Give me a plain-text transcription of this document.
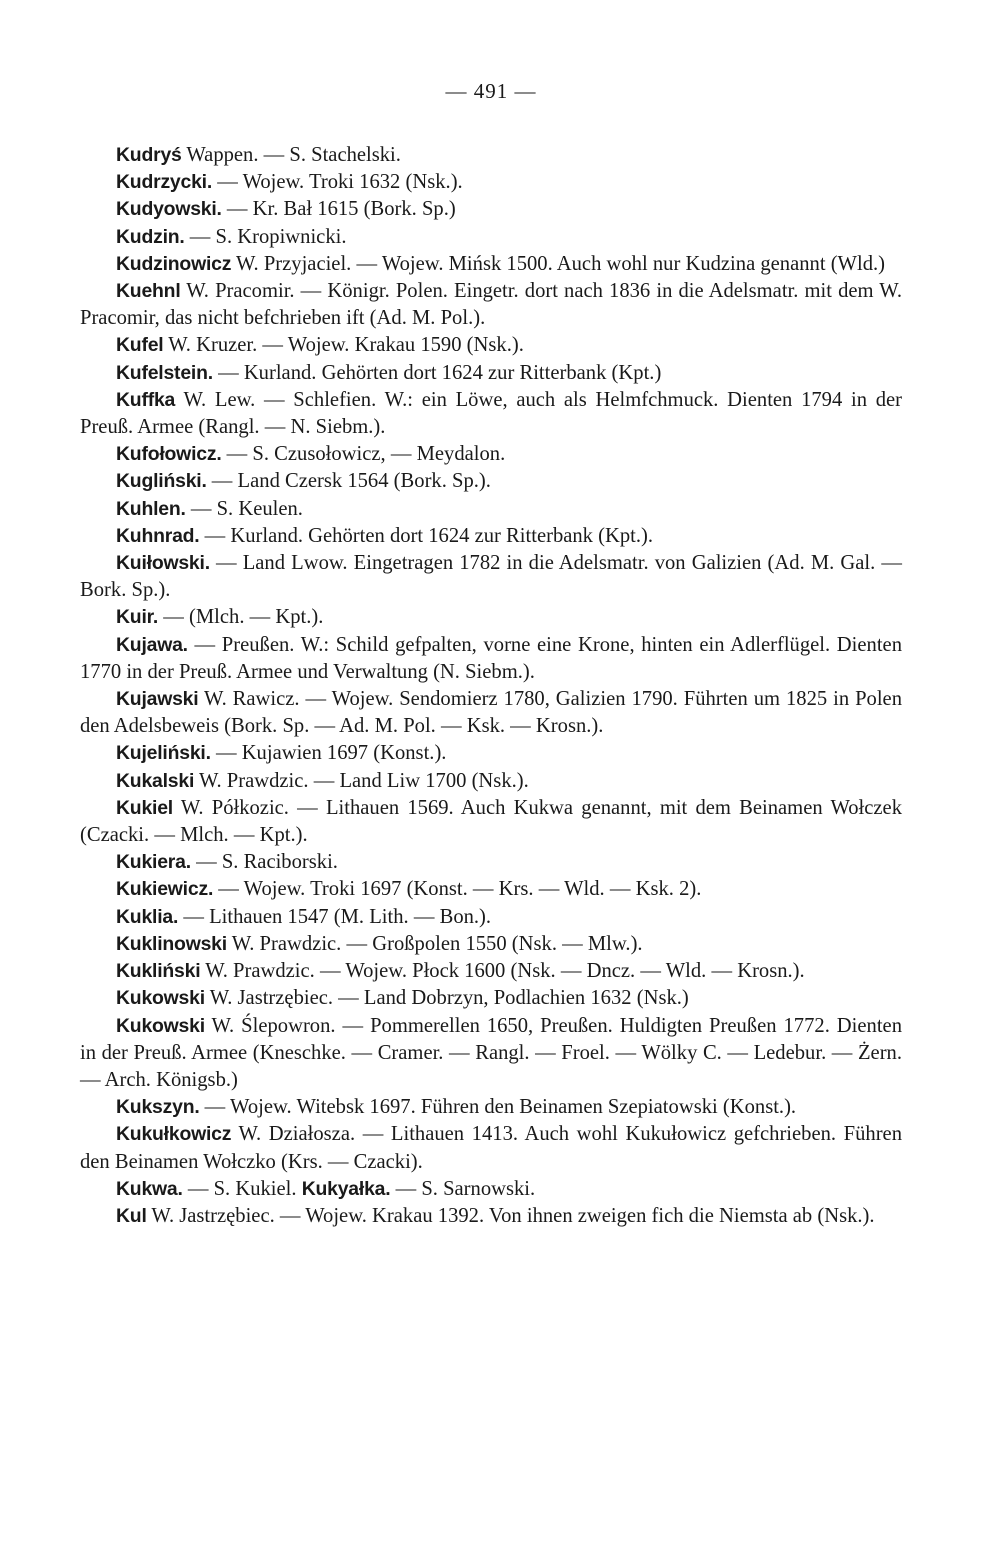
— 491 —

Kudryś Wappen. — S. Stachelski.

Kudrzycki. — Wojew. Troki 1632 (Nsk.).

Kudyowski. — Kr. Bał 1615 (Bork. Sp.)

Kudzin. — S. Kropiwnicki.

Kudzinowicz W. Przyjaciel. — Wojew. Mińsk 1500. Auch wohl nur Kudzina genannt (Wld.)

Kuehnl W. Pracomir. — Königr. Polen. Eingetr. dort nach 1836 in die Adelsmatr. mit dem W. Pracomir, das nicht befchrieben ift (Ad. M. Pol.).

Kufel W. Kruzer. — Wojew. Krakau 1590 (Nsk.).

Kufelstein. — Kurland. Gehörten dort 1624 zur Ritterbank (Kpt.)

Kuffka W. Lew. — Schlefien. W.: ein Löwe, auch als Helmfchmuck. Dienten 1794 in der Preuß. Armee (Rangl. — N. Siebm.).

Kufołowicz. — S. Czusołowicz, — Meydalon.

Kugliński. — Land Czersk 1564 (Bork. Sp.).

Kuhlen. — S. Keulen.

Kuhnrad. — Kurland. Gehörten dort 1624 zur Ritterbank (Kpt.).

Kuiłowski. — Land Lwow. Eingetragen 1782 in die Adelsmatr. von Galizien (Ad. M. Gal. — Bork. Sp.).

Kuir. — (Mlch. — Kpt.).

Kujawa. — Preußen. W.: Schild gefpalten, vorne eine Krone, hinten ein Adlerflügel. Dienten 1770 in der Preuß. Armee und Verwaltung (N. Siebm.).

Kujawski W. Rawicz. — Wojew. Sendomierz 1780, Galizien 1790. Führten um 1825 in Polen den Adelsbeweis (Bork. Sp. — Ad. M. Pol. — Ksk. — Krosn.).

Kujeliński. — Kujawien 1697 (Konst.).

Kukalski W. Prawdzic. — Land Liw 1700 (Nsk.).

Kukiel W. Półkozic. — Lithauen 1569. Auch Kukwa genannt, mit dem Beinamen Wołczek (Czacki. — Mlch. — Kpt.).

Kukiera. — S. Raciborski.

Kukiewicz. — Wojew. Troki 1697 (Konst. — Krs. — Wld. — Ksk. 2).

Kuklia. — Lithauen 1547 (M. Lith. — Bon.).

Kuklinowski W. Prawdzic. — Großpolen 1550 (Nsk. — Mlw.).

Kukliński W. Prawdzic. — Wojew. Płock 1600 (Nsk. — Dncz. — Wld. — Krosn.).

Kukowski W. Jastrzębiec. — Land Dobrzyn, Podlachien 1632 (Nsk.)

Kukowski W. Ślepowron. — Pommerellen 1650, Preußen. Huldigten Preußen 1772. Dienten in der Preuß. Armee (Kneschke. — Cramer. — Rangl. — Froel. — Wölky C. — Ledebur. — Żern. — Arch. Königsb.)

Kukszyn. — Wojew. Witebsk 1697. Führen den Beinamen Szepiatowski (Konst.).

Kukułkowicz W. Działosza. — Lithauen 1413. Auch wohl Kukułowicz gefchrieben. Führen den Beinamen Wołczko (Krs. — Czacki).

Kukwa. — S. Kukiel. Kukyałka. — S. Sarnowski.

Kul W. Jastrzębiec. — Wojew. Krakau 1392. Von ihnen zweigen fich die Niemsta ab (Nsk.).
